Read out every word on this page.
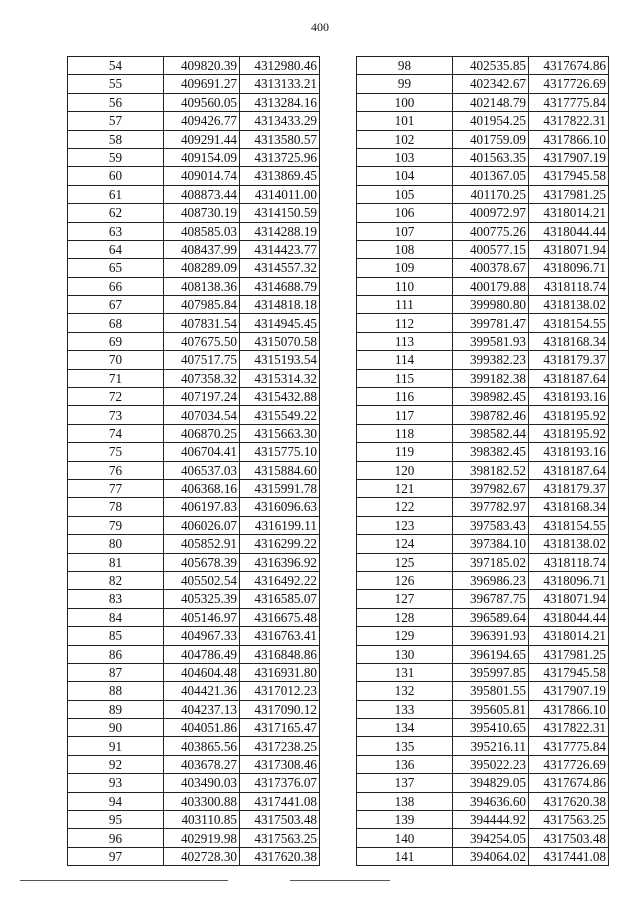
400
54	409820.39	4312980.46
55	409691.27	4313133.21
56	409560.05	4313284.16
57	409426.77	4313433.29
58	409291.44	4313580.57
59	409154.09	4313725.96
60	409014.74	4313869.45
61	408873.44	4314011.00
62	408730.19	4314150.59
63	408585.03	4314288.19
64	408437.99	4314423.77
65	408289.09	4314557.32
66	408138.36	4314688.79
67	407985.84	4314818.18
68	407831.54	4314945.45
69	407675.50	4315070.58
70	407517.75	4315193.54
71	407358.32	4315314.32
72	407197.24	4315432.88
73	407034.54	4315549.22
74	406870.25	4315663.30
75	406704.41	4315775.10
76	406537.03	4315884.60
77	406368.16	4315991.78
78	406197.83	4316096.63
79	406026.07	4316199.11
80	405852.91	4316299.22
81	405678.39	4316396.92
82	405502.54	4316492.22
83	405325.39	4316585.07
84	405146.97	4316675.48
85	404967.33	4316763.41
86	404786.49	4316848.86
87	404604.48	4316931.80
88	404421.36	4317012.23
89	404237.13	4317090.12
90	404051.86	4317165.47
91	403865.56	4317238.25
92	403678.27	4317308.46
93	403490.03	4317376.07
94	403300.88	4317441.08
95	403110.85	4317503.48
96	402919.98	4317563.25
97	402728.30	4317620.38
98	402535.85	4317674.86
99	402342.67	4317726.69
100	402148.79	4317775.84
101	401954.25	4317822.31
102	401759.09	4317866.10
103	401563.35	4317907.19
104	401367.05	4317945.58
105	401170.25	4317981.25
106	400972.97	4318014.21
107	400775.26	4318044.44
108	400577.15	4318071.94
109	400378.67	4318096.71
110	400179.88	4318118.74
111	399980.80	4318138.02
112	399781.47	4318154.55
113	399581.93	4318168.34
114	399382.23	4318179.37
115	399182.38	4318187.64
116	398982.45	4318193.16
117	398782.46	4318195.92
118	398582.44	4318195.92
119	398382.45	4318193.16
120	398182.52	4318187.64
121	397982.67	4318179.37
122	397782.97	4318168.34
123	397583.43	4318154.55
124	397384.10	4318138.02
125	397185.02	4318118.74
126	396986.23	4318096.71
127	396787.75	4318071.94
128	396589.64	4318044.44
129	396391.93	4318014.21
130	396194.65	4317981.25
131	395997.85	4317945.58
132	395801.55	4317907.19
133	395605.81	4317866.10
134	395410.65	4317822.31
135	395216.11	4317775.84
136	395022.23	4317726.69
137	394829.05	4317674.86
138	394636.60	4317620.38
139	394444.92	4317563.25
140	394254.05	4317503.48
141	394064.02	4317441.08
